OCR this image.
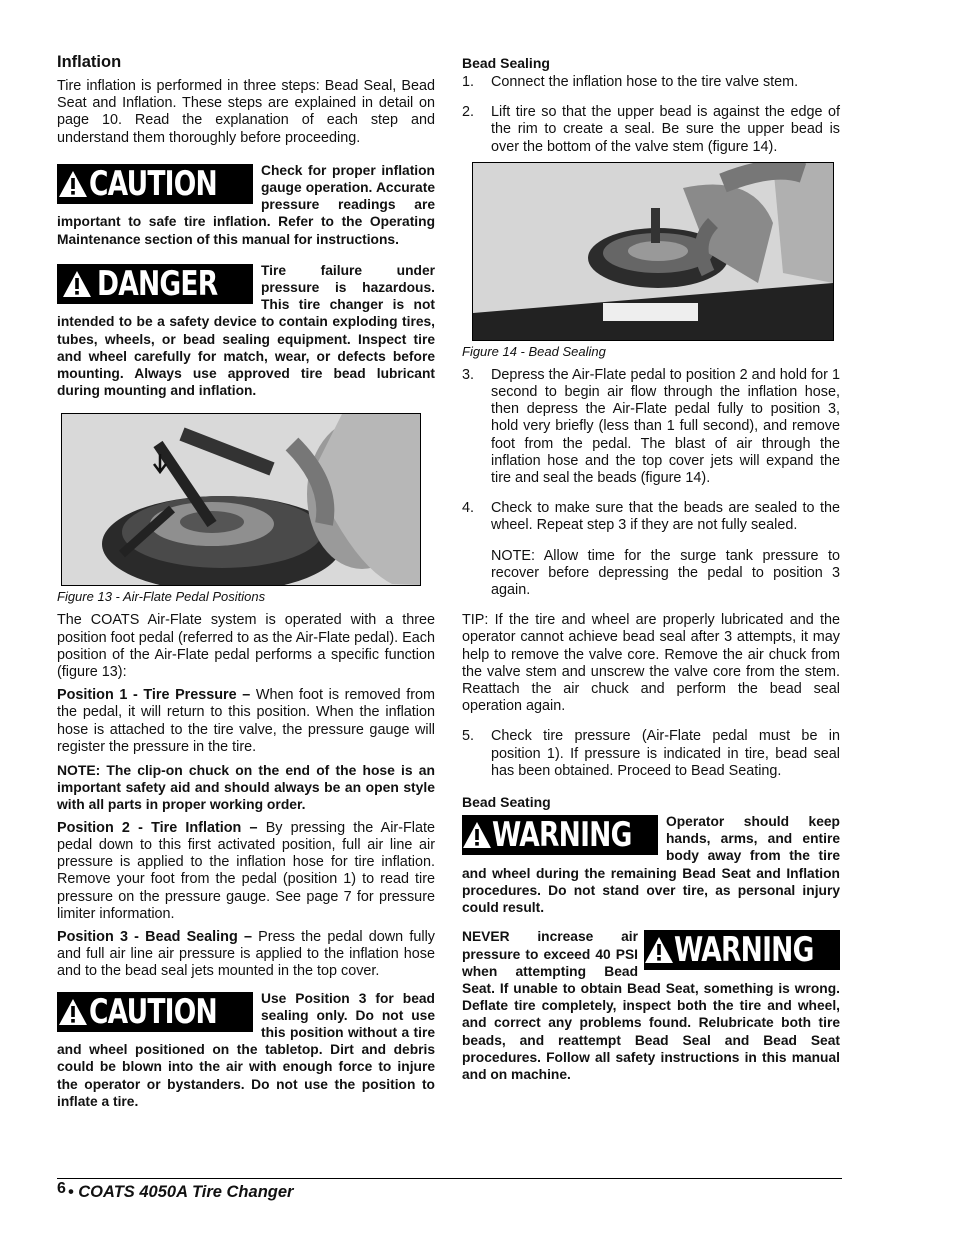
Inflation

Tire inflation is performed in three steps: Bead Seal, Bead Seat and Inflation. These steps are explained in detail on page 10. Read the explanation of each step and understand them thoroughly before proceeding.

CAUTION	Check for proper inflation gauge operation. Accurate pressure readings are important to safe tire inflation. Refer to the Operating Maintenance section of this manual for instructions.
DANGER	Tire failure under pressure is hazardous. This tire changer is not intended to be a safety device to contain exploding tires, tubes, wheels, or bead sealing equipment. Inspect tire and wheel carefully for match, wear, or defects before mounting. Always use approved tire bead lubricant during mounting and inflation.
Figure 13 - Air-Flate Pedal Positions

The COATS Air-Flate system is operated with a three position foot pedal (referred to as the Air-Flate pedal). Each position of the Air-Flate pedal performs a specific function (figure 13):

Position 1 - Tire Pressure – When foot is removed from the pedal, it will return to this position. When the inflation hose is attached to the tire valve, the pressure gauge will register the pressure in the tire.

NOTE: The clip-on chuck on the end of the hose is an important safety aid and should always be an open style with all parts in proper working order.

Position 2 - Tire Inflation – By pressing the Air-Flate pedal down to this first activated position, full air line air pressure is applied to the inflation hose for tire inflation. Remove your foot from the pedal (position 1) to read tire pressure on the pressure gauge. See page 7 for pressure limiter information.

Position 3 - Bead Sealing – Press the pedal down fully and full air line air pressure is applied to the inflation hose and to the bead seal jets mounted in the top cover.

CAUTION	Use Position 3 for bead sealing only. Do not use this position without a tire and wheel positioned on the tabletop. Dirt and debris could be blown into the air with enough force to injure the operator or bystanders. Do not use the position to inflate a tire.
Bead Sealing
1. Connect the inflation hose to the tire valve stem.
2. Lift tire so that the upper bead is against the edge of the rim to create a seal. Be sure the upper bead is over the bottom of the valve stem (figure 14).
Figure 14 - Bead Sealing
3. Depress the Air-Flate pedal to position 2 and hold for 1 second to begin air flow through the inflation hose, then depress the Air-Flate pedal fully to position 3, hold very briefly (less than 1 full second), and remove foot from the pedal. The blast of air through the inflation hose and the top cover jets will expand the tire and seal the beads (figure 14).
4. Check to make sure that the beads are sealed to the wheel. Repeat step 3 if they are not fully sealed.
NOTE: Allow time for the surge tank pressure to recover before depressing the pedal to position 3 again.

TIP: If the tire and wheel are properly lubricated and the operator cannot achieve bead seal after 3 attempts, it may help to remove the valve core. Remove the air chuck from the valve stem and unscrew the valve core from the stem. Reattach the air chuck and perform the bead seal operation again.

5. Check tire pressure (Air-Flate pedal must be in position 1). If pressure is indicated in tire, bead seal has been obtained. Proceed to Bead Seating.
Bead Seating
WARNING Operator should keep hands, arms, and entire body away from the tire and wheel during the remaining Bead Seat and Inflation procedures. Do not stand over tire, as personal injury could result.
WARNING
NEVER increase air pressure to exceed 40 PSI when attempting Bead Seat. If unable to obtain Bead Seat, something is wrong. Deflate tire completely, inspect both the tire and wheel, and correct any problems found. Relubricate both tire beads, and reattempt Bead Seal and Bead Seat procedures. Follow all safety instructions in this manual and on machine.
6 • COATS 4050A Tire Changer
